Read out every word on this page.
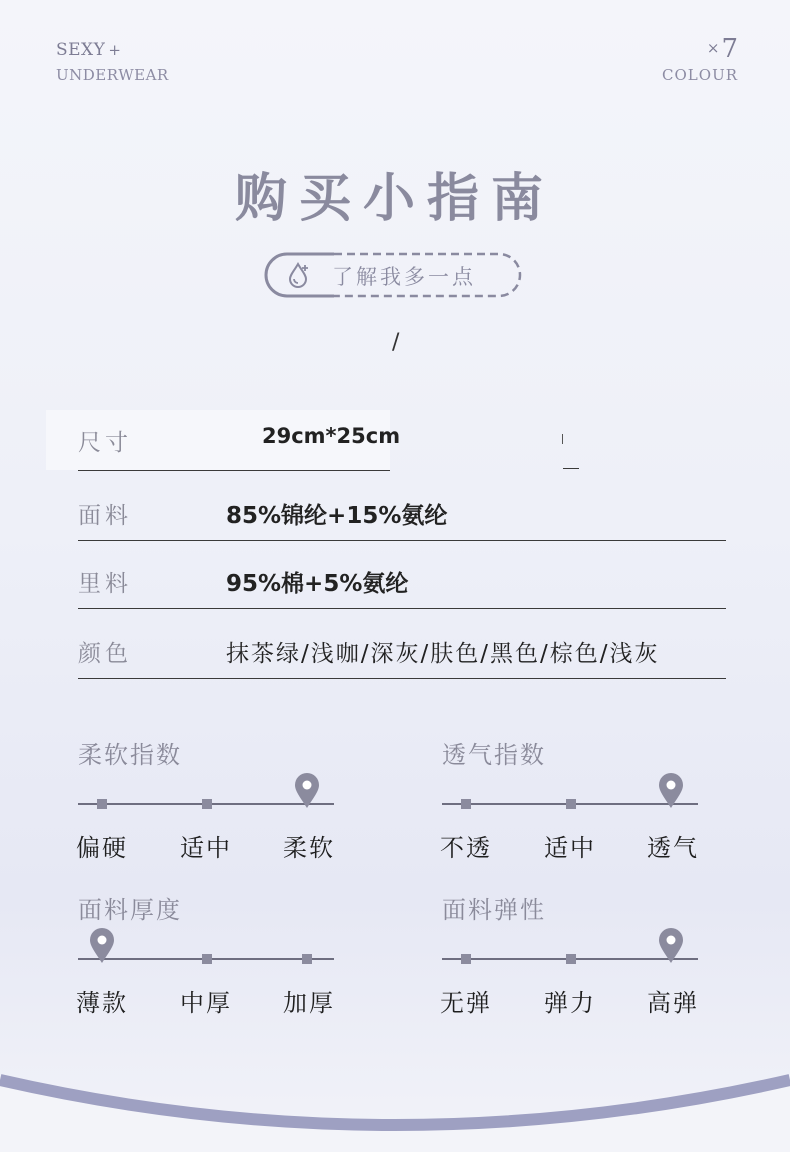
SEXY +
UNDERWEAR
×7
COLOUR
购买小指南
了解我多一点
/
尺寸	29cm*25cm
面料	85%锦纶+15%氨纶
里料	95%棉+5%氨纶
颜色	抹茶绿/浅咖/深灰/肤色/黑色/棕色/浅灰
柔软指数
偏硬 适中 柔软
透气指数
不透 适中 透气
面料厚度
薄款 中厚 加厚
面料弹性
无弹 弹力 高弹
